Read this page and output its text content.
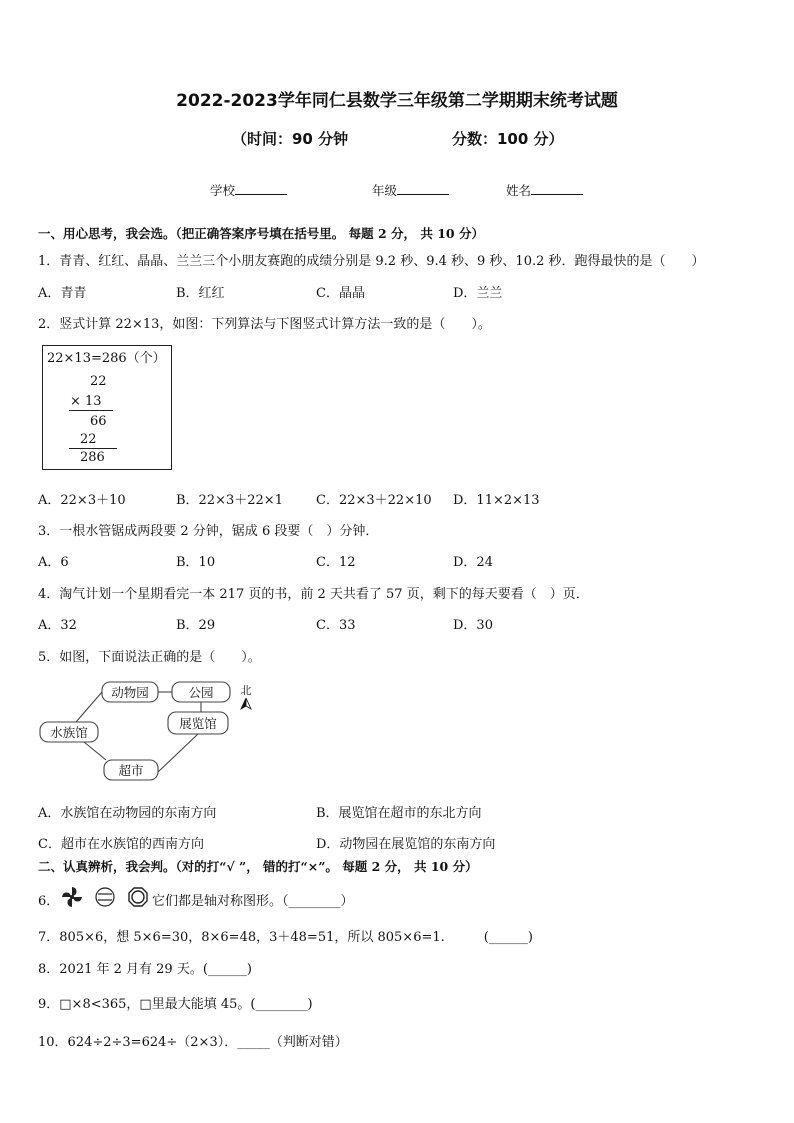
2022-2023学年同仁县数学三年级第二学期期末统考试题
（时间：90 分钟	分数：100 分）
学校	年级	姓名
一、用心思考，我会选。（把正确答案序号填在括号里。 每题 2 分， 共 10 分）
1．青青、红红、晶晶、兰兰三个小朋友赛跑的成绩分别是 9.2 秒、9.4 秒、9 秒、10.2 秒．跑得最快的是（　　）
A．青青	B．红红	C．晶晶	D．兰兰
2．竖式计算 22×13，如图：下列算法与下图竖式计算方法一致的是（　　）。
22×13=286（个）
22
× 13
66
22
286
A．22×3＋10	B．22×3＋22×1	C．22×3＋22×10 D．11×2×13
3．一根水管锯成两段要 2 分钟，锯成 6 段要（　）分钟．
A．6	B．10	C．12	D．24
4．淘气计划一个星期看完一本 217 页的书，前 2 天共看了 57 页，剩下的每天要看（　）页．
A．32	B．29	C．33	D．30
5．如图，下面说法正确的是（　　）。
动物园	公园
水族馆
展览馆
超市
北
A．水族馆在动物园的东南方向	B．展览馆在超市的东北方向
C．超市在水族馆的西南方向	D．动物园在展览馆的东南方向
二、认真辨析，我会判。（对的打“√ ”， 错的打“×”。 每题 2 分， 共 10 分）
6．	它们都是轴对称图形。（________）
7．805×6，想 5×6=30，8×6=48，3＋48=51，所以 805×6=1.　　　(______)
8．2021 年 2 月有 29 天。(______)
9．□×8<365，□里最大能填 45。(________)
10．624÷2÷3=624÷（2×3）．_____（判断对错）
